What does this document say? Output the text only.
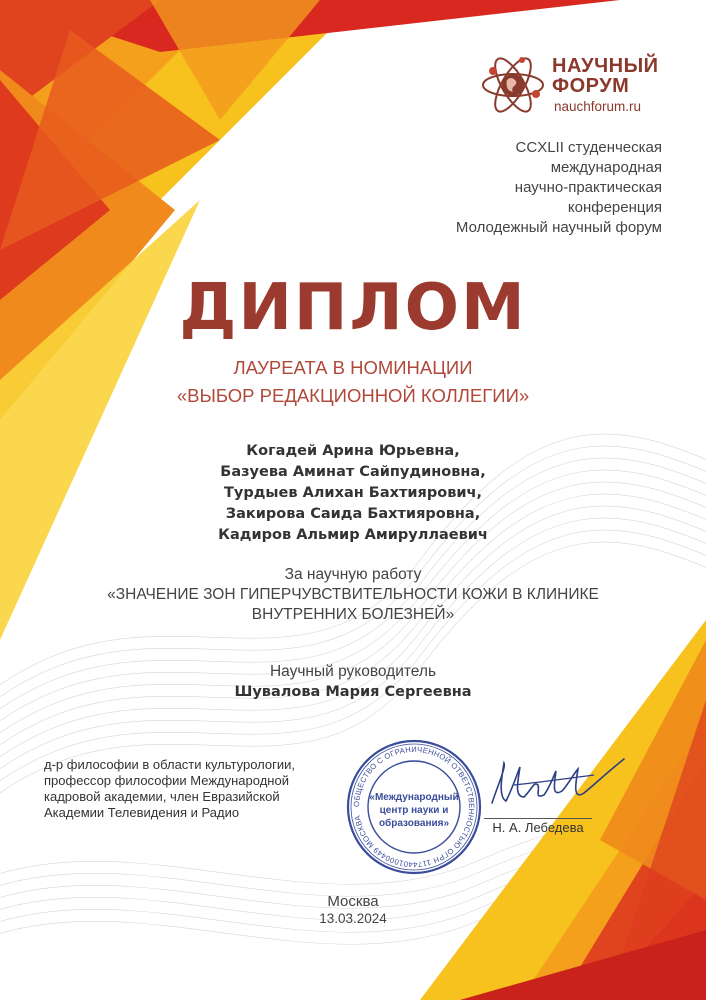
НАУЧНЫЙ
ФОРУМ
nauchforum.ru
CCXLII студенческая
международная
научно-практическая
конференция
Молодежный научный форум
ДИПЛОМ
ЛАУРЕАТА В НОМИНАЦИИ
«ВЫБОР РЕДАКЦИОННОЙ КОЛЛЕГИИ»
Когадей Арина Юрьевна,
Базуева Аминат Сайпудиновна,
Турдыев Алихан Бахтиярович,
Закирова Саида Бахтияровна,
Кадиров Альмир Амируллаевич
За научную работу
«ЗНАЧЕНИЕ ЗОН ГИПЕРЧУВСТВИТЕЛЬНОСТИ КОЖИ В КЛИНИКЕ
ВНУТРЕННИХ БОЛЕЗНЕЙ»
Научный руководитель
Шувалова Мария Сергеевна
д-р философии в области культурологии,
профессор философии Международной
кадровой академии, член Евразийской
Академии Телевидения и Радио
ОБЩЕСТВО С ОГРАНИЧЕННОЙ ОТВЕТСТВЕННОСТЬЮ ОГРН 1174401000449 МОСКВА
«Международный
центр науки и
образования»	Н. А. Лебедева
Москва
13.03.2024
